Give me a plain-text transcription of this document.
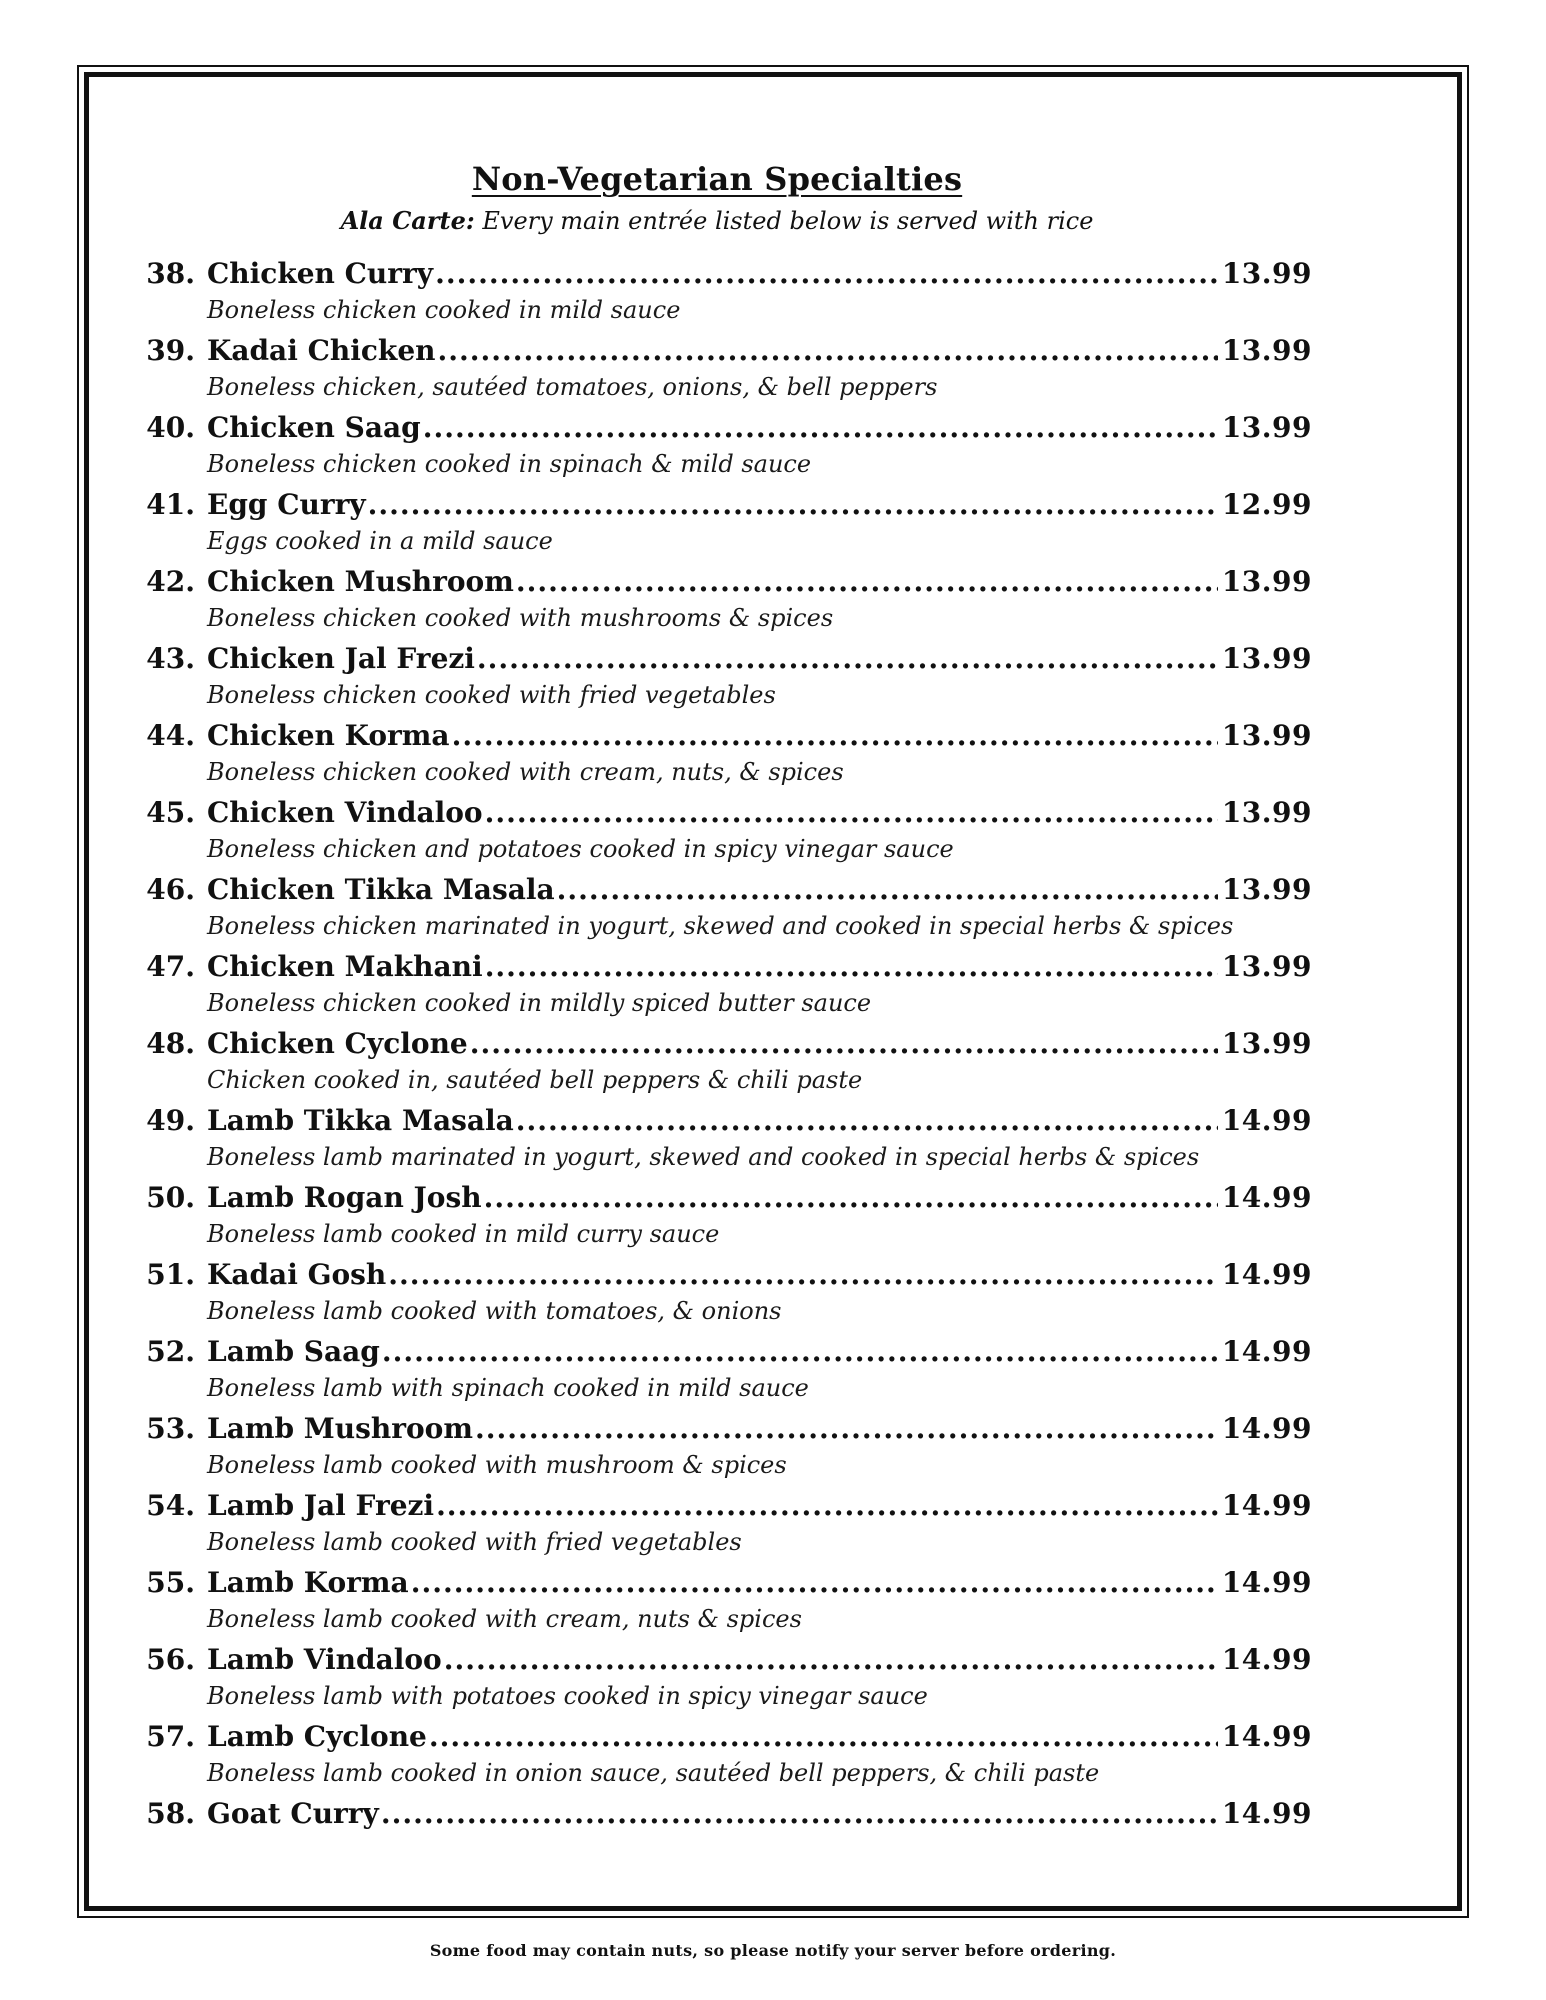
Non-Vegetarian Specialties

Ala Carte: Every main entrée listed below is served with rice

38. Chicken Curry .....	13.99
Boneless chicken cooked in mild sauce
39. Kadai Chicken .....	13.99
Boneless chicken, sautéed tomatoes, onions, & bell peppers
40. Chicken Saag .....	13.99
Boneless chicken cooked in spinach & mild sauce
41. Egg Curry .....	12.99
Eggs cooked in a mild sauce
42. Chicken Mushroom .....	13.99
Boneless chicken cooked with mushrooms & spices
43. Chicken Jal Frezi .....	13.99
Boneless chicken cooked with fried vegetables
44. Chicken Korma .....	13.99
Boneless chicken cooked with cream, nuts, & spices
45. Chicken Vindaloo .....	13.99
Boneless chicken and potatoes cooked in spicy vinegar sauce
46. Chicken Tikka Masala .....	13.99
Boneless chicken marinated in yogurt, skewed and cooked in special herbs & spices
47. Chicken Makhani .....	13.99
Boneless chicken cooked in mildly spiced butter sauce
48. Chicken Cyclone .....	13.99
Chicken cooked in, sautéed bell peppers & chili paste
49. Lamb Tikka Masala .....	14.99
Boneless lamb marinated in yogurt, skewed and cooked in special herbs & spices
50. Lamb Rogan Josh .....	14.99
Boneless lamb cooked in mild curry sauce
51. Kadai Gosh .....	14.99
Boneless lamb cooked with tomatoes, & onions
52. Lamb Saag .....	14.99
Boneless lamb with spinach cooked in mild sauce
53. Lamb Mushroom .....	14.99
Boneless lamb cooked with mushroom & spices
54. Lamb Jal Frezi .....	14.99
Boneless lamb cooked with fried vegetables
55. Lamb Korma .....	14.99
Boneless lamb cooked with cream, nuts & spices
56. Lamb Vindaloo .....	14.99
Boneless lamb with potatoes cooked in spicy vinegar sauce
57. Lamb Cyclone .....	14.99
Boneless lamb cooked in onion sauce, sautéed bell peppers, & chili paste
58. Goat Curry .....	14.99
Some food may contain nuts, so please notify your server before ordering.
